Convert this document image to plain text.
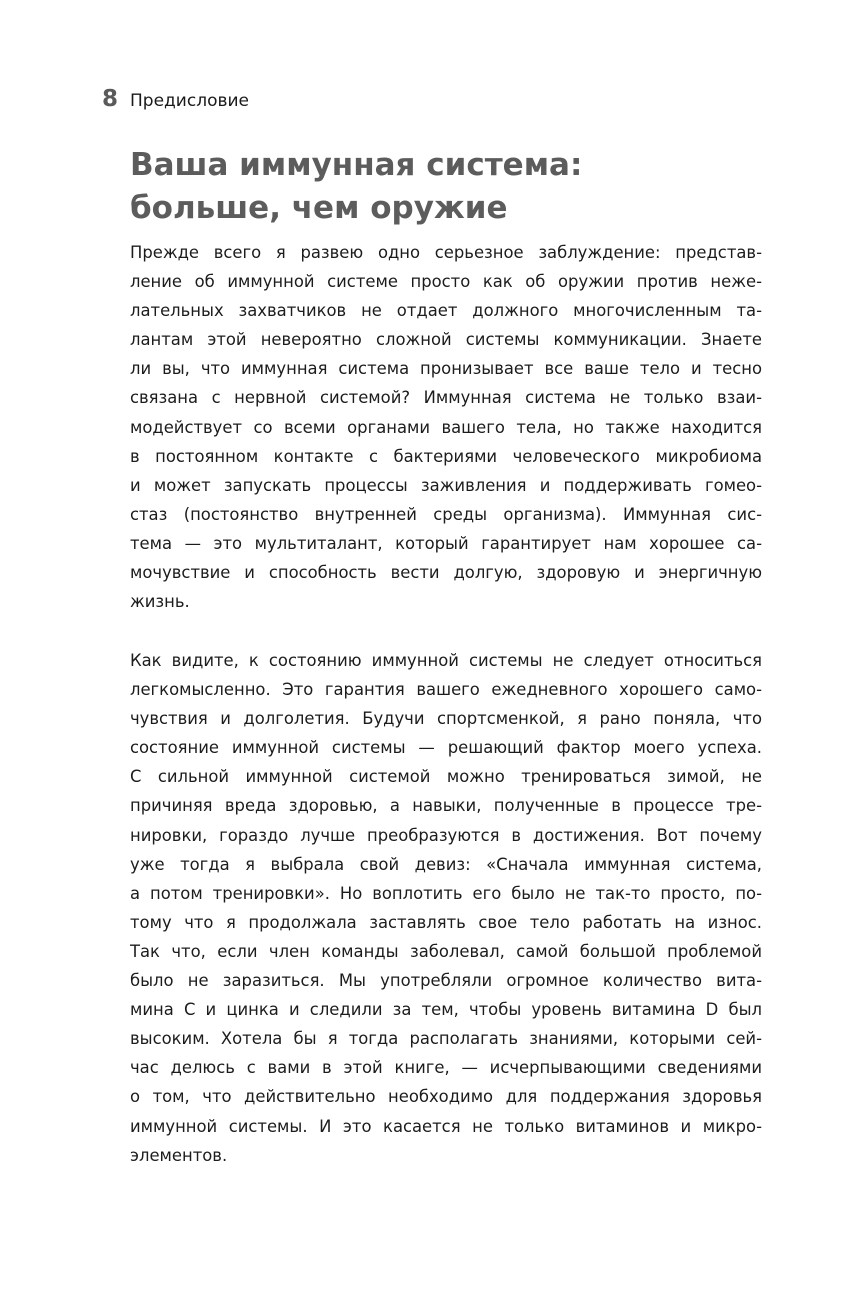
8 Предисловие
Ваша иммунная система:
больше, чем оружие
Прежде всего я развею одно серьезное заблуждение: представ-
ление об иммунной системе просто как об оружии против нежe-
лательных захватчиков не отдает должного многочисленным та-
лантам этой невероятно сложной системы коммуникации. Знаете
ли вы, что иммунная система пронизывает все ваше тело и тесно
связана с нервной системой? Иммунная система не только взаи-
модействует со всеми органами вашего тела, но также находится
в постоянном контакте с бактериями человеческого микробиома
и может запускать процессы заживления и поддерживать гомео-
стаз (постоянство внутренней среды организма). Иммунная сис-
тема — это мультиталант, который гарантирует нам хорошее са-
мочувствие и способность вести долгую, здоровую и энергичную
жизнь.
Как видите, к состоянию иммунной системы не следует относиться
легкомысленно. Это гарантия вашего ежедневного хорошего само-
чувствия и долголетия. Будучи спортсменкой, я рано поняла, что
состояние иммунной системы — решающий фактор моего успеха.
С сильной иммунной системой можно тренироваться зимой, не
причиняя вреда здоровью, а навыки, полученные в процессе тре-
нировки, гораздо лучше преобразуются в достижения. Вот почему
уже тогда я выбрала свой девиз: «Сначала иммунная система,
а потом тренировки». Но воплотить его было не так-то просто, по-
тому что я продолжала заставлять свое тело работать на износ.
Так что, если член команды заболевал, самой большой проблемой
было не заразиться. Мы употребляли огромное количество вита-
мина С и цинка и следили за тем, чтобы уровень витамина D был
высоким. Хотела бы я тогда располагать знаниями, которыми сей-
час делюсь с вами в этой книге, — исчерпывающими сведениями
о том, что действительно необходимо для поддержания здоровья
иммунной системы. И это касается не только витаминов и микро-
элементов.
